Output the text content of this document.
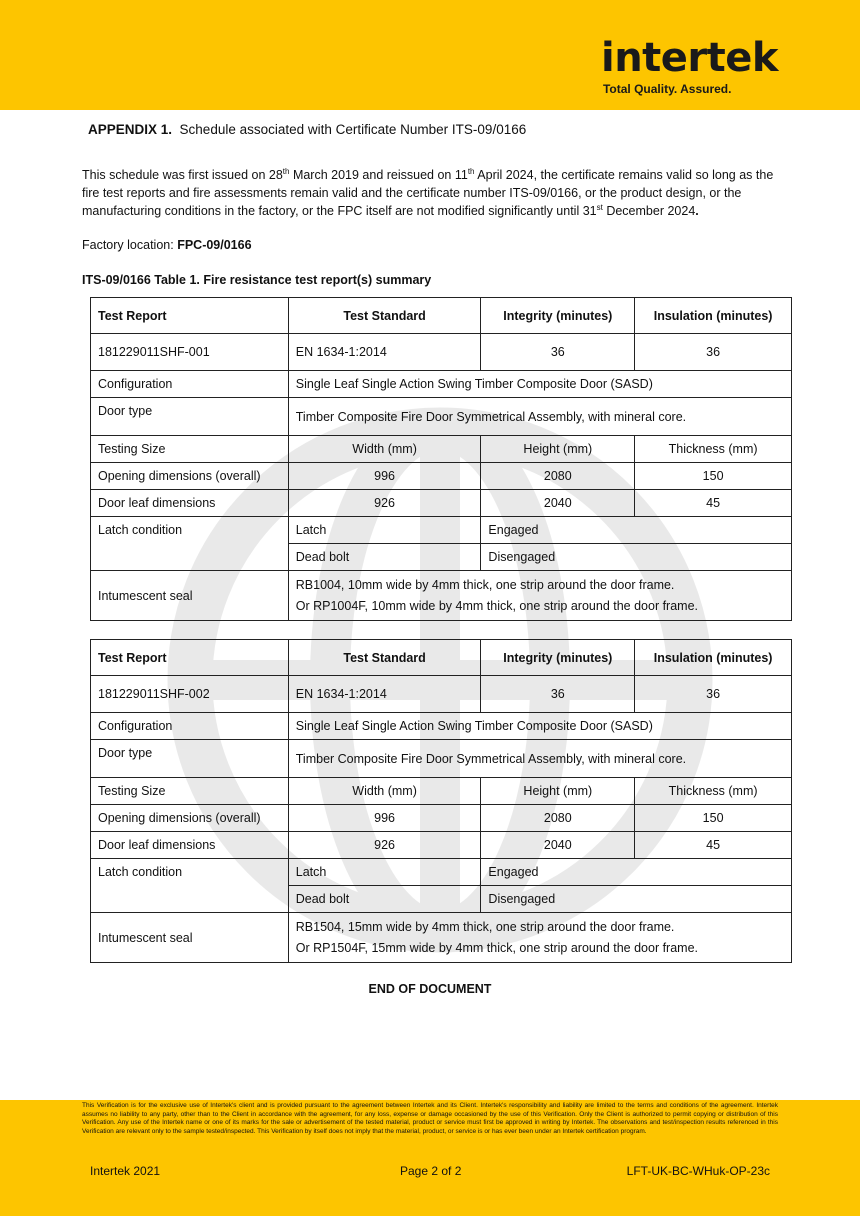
intertek
Total Quality. Assured.
APPENDIX 1. Schedule associated with Certificate Number ITS-09/0166
This schedule was first issued on 28th March 2019 and reissued on 11th April 2024, the certificate remains valid so long as the fire test reports and fire assessments remain valid and the certificate number ITS-09/0166, or the product design, or the manufacturing conditions in the factory, or the FPC itself are not modified significantly until 31st December 2024.
Factory location: FPC-09/0166
ITS-09/0166 Table 1. Fire resistance test report(s) summary
Test Report	Test Standard	Integrity (minutes)	Insulation (minutes)
181229011SHF-001	EN 1634-1:2014	36	36
Configuration	Single Leaf Single Action Swing Timber Composite Door (SASD)		
Door type	Timber Composite Fire Door Symmetrical Assembly, with mineral core.		
Testing Size	Width (mm)	Height (mm)	Thickness (mm)
Opening dimensions (overall)	996	2080	150
Door leaf dimensions	926	2040	45
Latch condition	Latch	Engaged	
	Dead bolt	Disengaged	
Intumescent seal	RB1004, 10mm wide by 4mm thick, one strip around the door frame.
Or RP1004F, 10mm wide by 4mm thick, one strip around the door frame.		
Test Report	Test Standard	Integrity (minutes)	Insulation (minutes)
181229011SHF-002	EN 1634-1:2014	36	36
Configuration	Single Leaf Single Action Swing Timber Composite Door (SASD)		
Door type	Timber Composite Fire Door Symmetrical Assembly, with mineral core.		
Testing Size	Width (mm)	Height (mm)	Thickness (mm)
Opening dimensions (overall)	996	2080	150
Door leaf dimensions	926	2040	45
Latch condition	Latch	Engaged	
	Dead bolt	Disengaged	
Intumescent seal	RB1504, 15mm wide by 4mm thick, one strip around the door frame.
Or RP1504F, 15mm wide by 4mm thick, one strip around the door frame.		
END OF DOCUMENT
This Verification is for the exclusive use of Intertek's client and is provided pursuant to the agreement between Intertek and its Client. Intertek's responsibility and liability are limited to the terms and conditions of the agreement. Intertek assumes no liability to any party, other than to the Client in accordance with the agreement, for any loss, expense or damage occasioned by the use of this Verification. Only the Client is authorized to permit copying or distribution of this Verification. Any use of the Intertek name or one of its marks for the sale or advertisement of the tested material, product or service must first be approved in writing by Intertek. The observations and test/inspection results referenced in this Verification are relevant only to the sample tested/inspected. This Verification by itself does not imply that the material, product, or service is or has ever been under an Intertek certification program.
Intertek 2021	Page 2 of 2	LFT-UK-BC-WHuk-OP-23c
